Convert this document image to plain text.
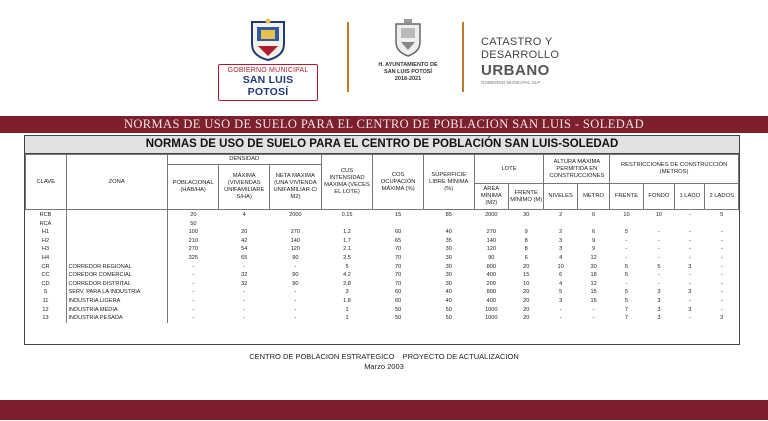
GOBIERNO MUNICIPAL
SAN LUIS POTOSÍ
H. AYUNTAMIENTO DE
SAN LUIS POTOSÍ
2018-2021
CATASTRO Y
DESARROLLO
URBANO
GOBIERNO MUNICIPAL SLP
NORMAS DE USO DE SUELO PARA EL CENTRO DE POBLACION SAN LUIS - SOLEDAD
NORMAS DE USO DE SUELO PARA EL CENTRO DE POBLACIÓN SAN LUIS-SOLEDAD
CLAVE	ZONA	DENSIDAD			CUS INTENSIDAD MÁXIMA (VECES EL LOTE)	COS OCUPACIÓN MÁXIMA (%)	SUPERFICIE LIBRE MÍNIMA (%)	LOTE		ALTURA MÁXIMA PERMITIDA EN CONSTRUCCIONES		RESTRICCIONES DE CONSTRUCCIÓN (METROS)			
		POBLACIONAL (HAB/HA)	MÁXIMA (VIVIENDAS UNIFAMILIARE S/HA)	NETA MÁXIMA (UNA VIVIENDA UNIFAMILIAR C/ M2)											
								ÁREA MÍNIMA (M2)	FRENTE MÍNIMO (M)	NIVELES	METRO	FRENTE	FONDO	1 LADO	2 LADOS
RCB		20	4	2000	0.15	15	85	2000	30	2	6	10	10	-	5
RCA		50													
H1		100	20	270	1.2	60	40	270	9	2	6	5	-	-	-
H2		210	42	140	1.7	65	35	140	8	3	9	-	-	-	-
H3		270	54	120	2.1	70	30	120	8	3	9	-	-	-	-
H4		325	65	90	2.5	70	30	90	6	4	12	-	-	-	-
CR	CORREDOR REGIONAL	-	-	-	5	70	30	800	20	10	30	5	5	3	-
CC	COREDOR COMERCIAL	-	32	90	4.2	70	30	400	15	6	18	5	-	-	-
CD	CORREDOR DISTRITAL	-	32	90	2.8	70	30	200	10	4	12	-	-	-	-
S	SERV. PARA LA INDUSTRIA	-	-	-	3	60	40	800	20	5	15	5	3	3	-
11	INDUSTRIA LIGERA	-	-	-	1.8	60	40	400	20	3	15	5	3	-	-
12	INDUSTRIA MEDIA	-	-	-	1	50	50	1000	20	-	-	7	3	3	-
13	INDUSTRIA PESADA	-	-	-	1	50	50	1000	20	-	-	7	3	-	3
CENTRO DE POBLACION ESTRATEGICO PROYECTO DE ACTUALIZACION
Marzo 2003
